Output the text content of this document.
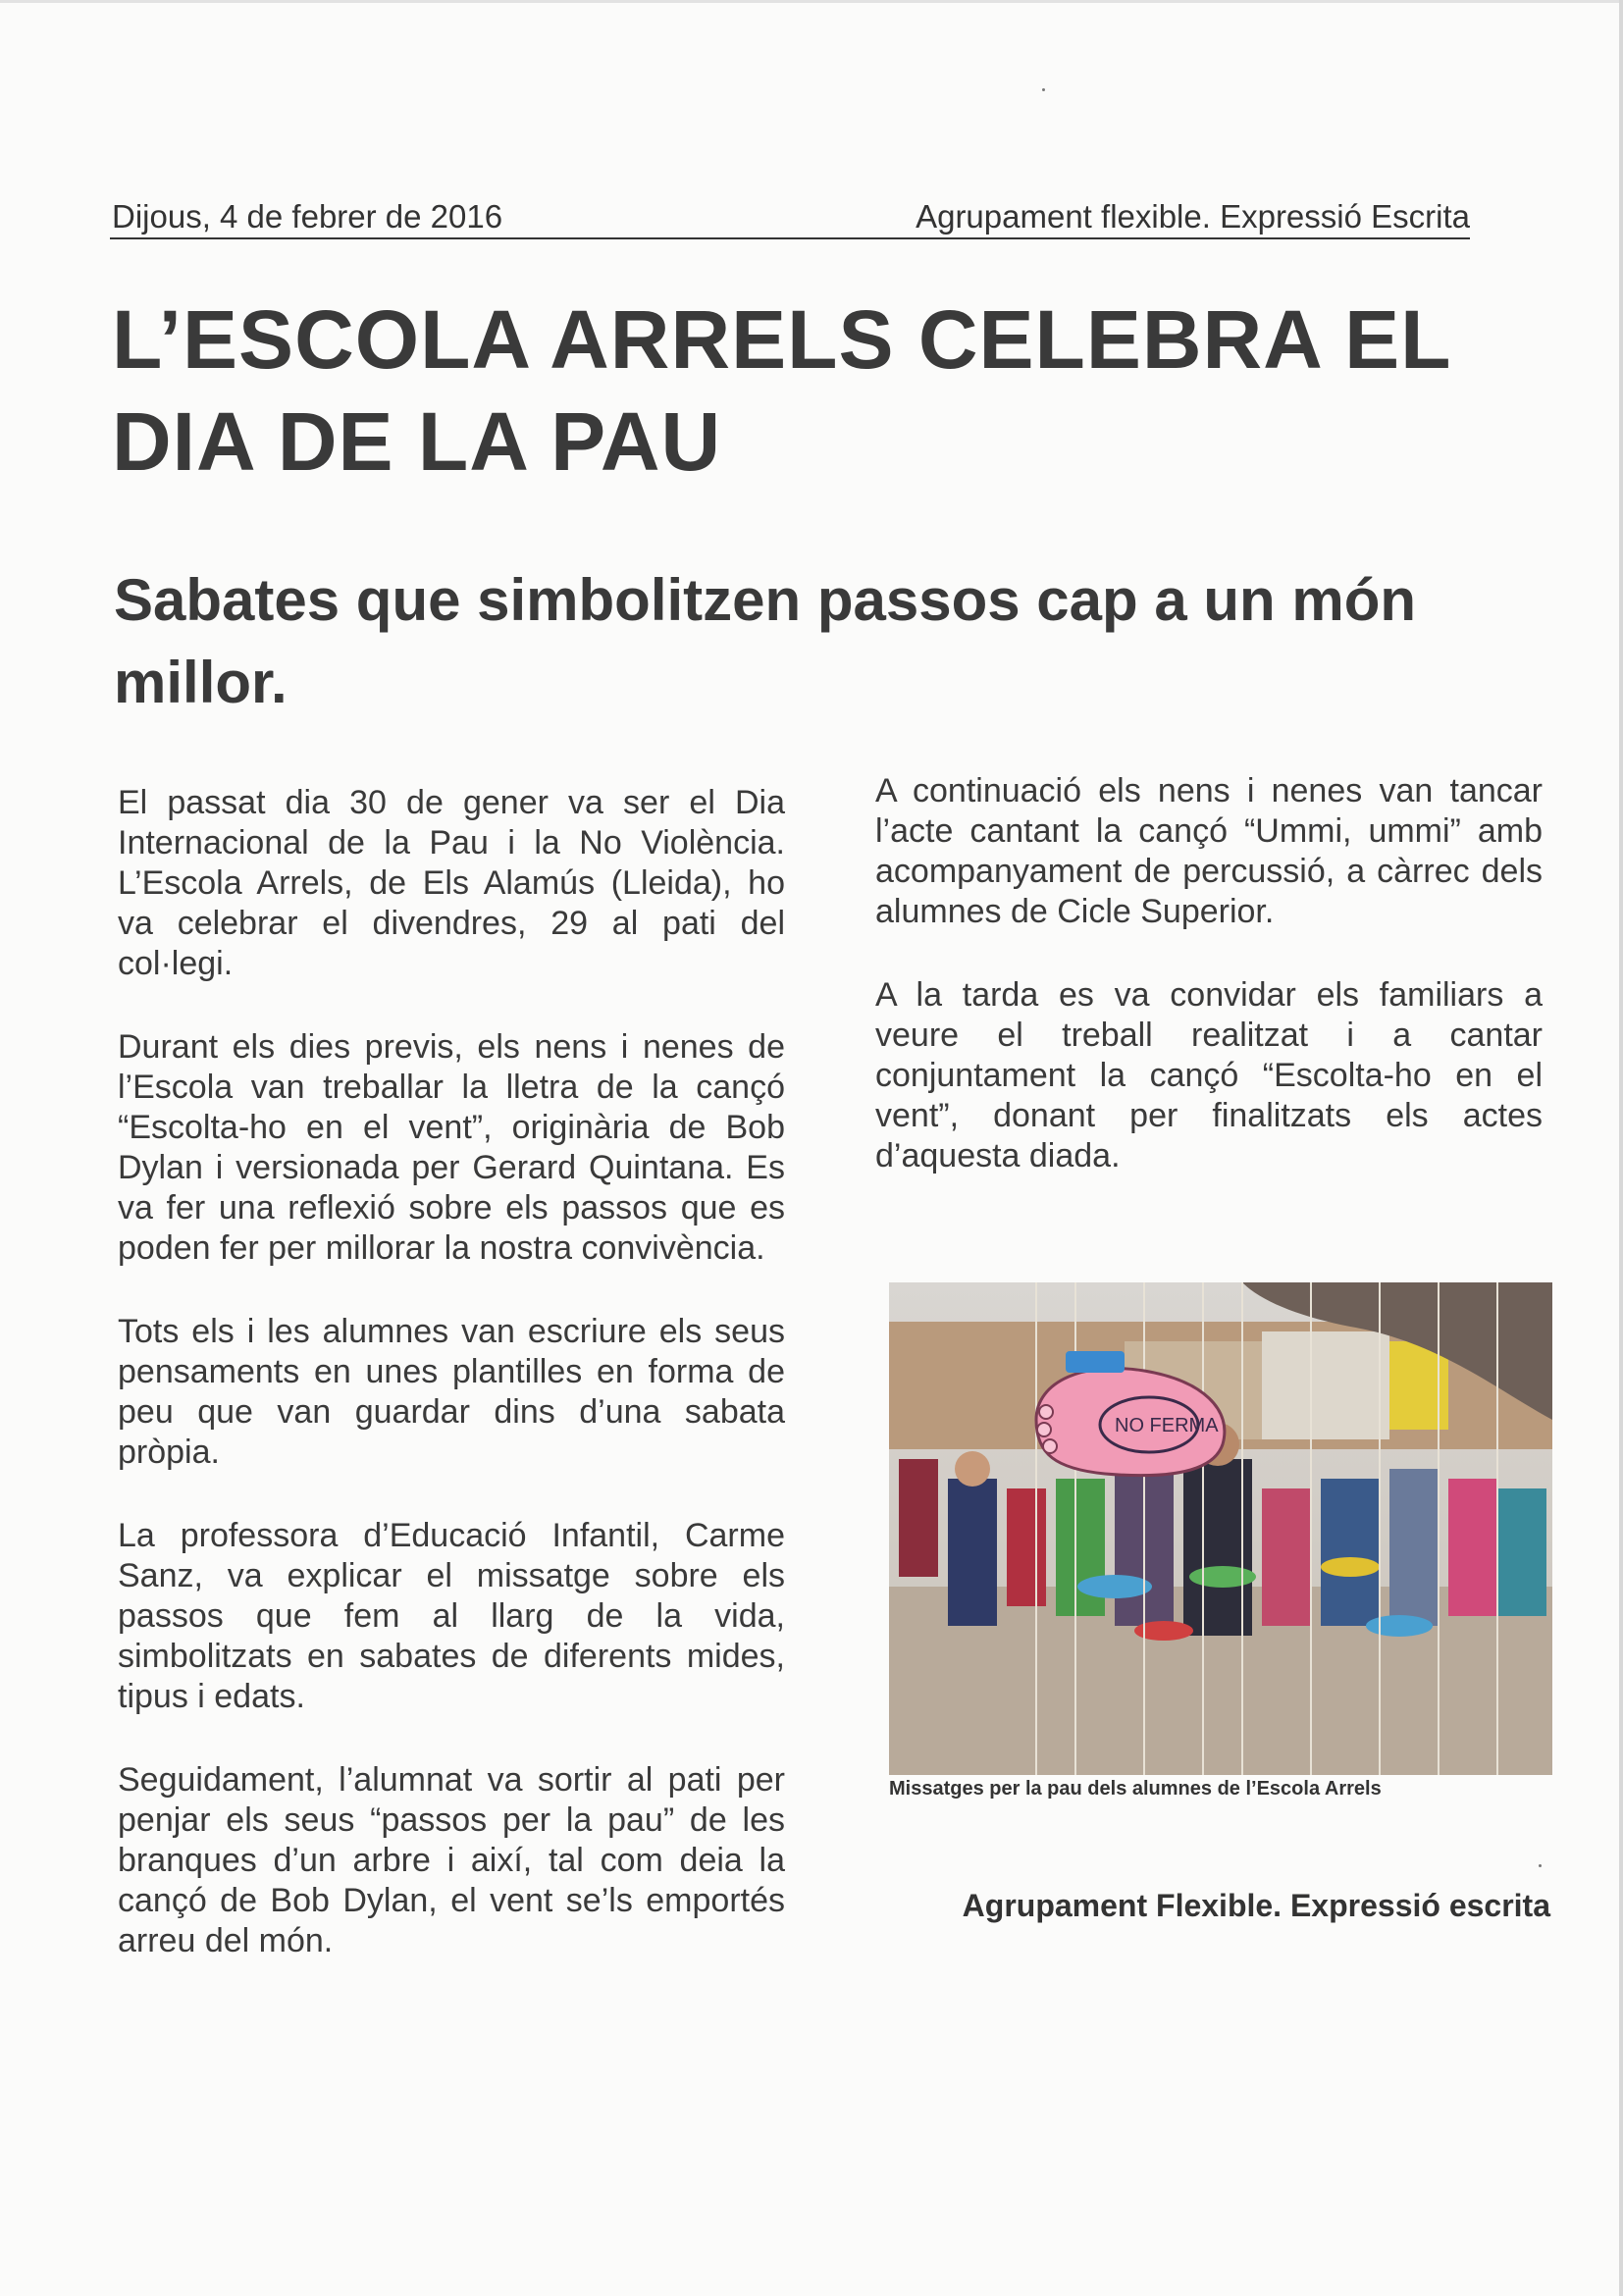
Dijous, 4 de febrer de 2016	Agrupament flexible. Expressió Escrita
L’ESCOLA ARRELS CELEBRA EL DIA DE LA PAU
Sabates que simbolitzen passos cap a un món millor.

El passat dia 30 de gener va ser el Dia Internacional de la Pau i la No Violència. L’Escola Arrels, de Els Alamús (Lleida), ho va celebrar el divendres, 29 al pati del col·legi.

Durant els dies previs, els nens i nenes de l’Escola van treballar la lletra de la cançó “Escolta-ho en el vent”, originària de Bob Dylan i versionada per Gerard Quintana. Es va fer una reflexió sobre els passos que es poden fer per millorar la nostra convivència.

Tots els i les alumnes van escriure els seus pensaments en unes plantilles en forma de peu que van guardar dins d’una sabata pròpia.

La professora d’Educació Infantil, Carme Sanz, va explicar el missatge sobre els passos que fem al llarg de la vida, simbolitzats en sabates de diferents mides, tipus i edats.

Seguidament, l’alumnat va sortir al pati per penjar els seus “passos per la pau” de les branques d’un arbre i així, tal com deia la cançó de Bob Dylan, el vent se’ls emportés arreu del món.

A continuació els nens i nenes van tancar l’acte cantant la cançó “Ummi, ummi” amb acompanyament de percussió, a càrrec dels alumnes de Cicle Superior.

A la tarda es va convidar els familiars a veure el treball realitzat i a cantar conjuntament la cançó “Escolta-ho en el vent”, donant per finalitzats els actes d’aquesta diada.

NO FERMA
Missatges per la pau dels alumnes de l’Escola Arrels
Agrupament Flexible. Expressió escrita
